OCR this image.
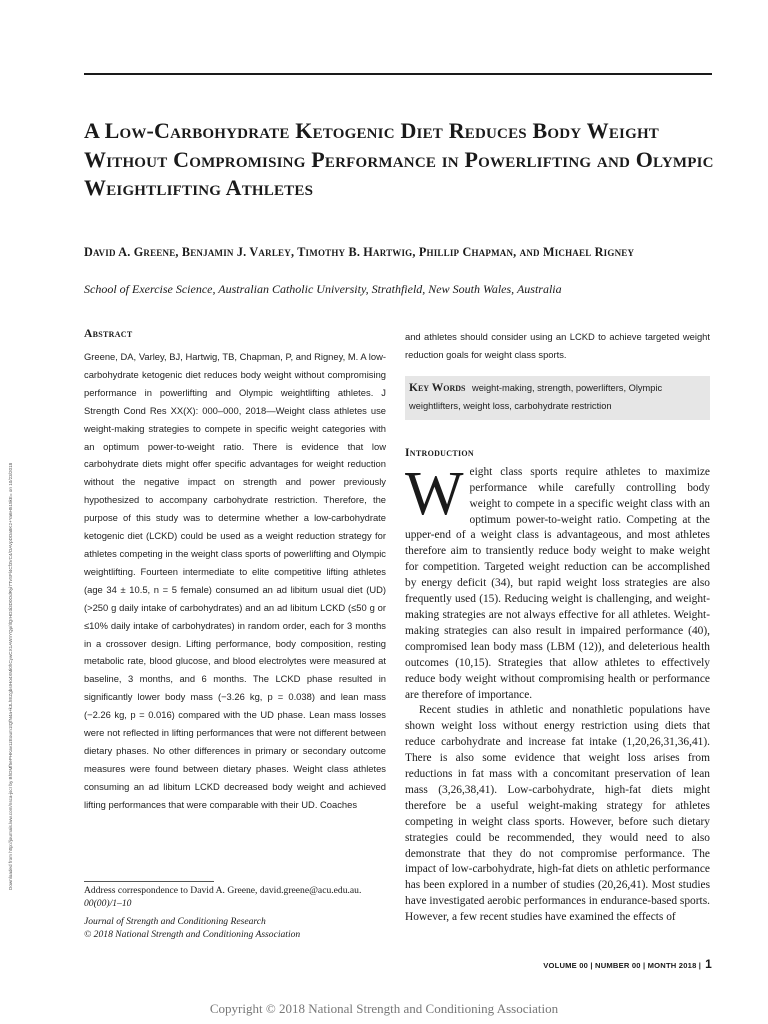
A Low-Carbohydrate Ketogenic Diet Reduces Body Weight Without Compromising Performance in Powerlifting and Olympic Weightlifting Athletes
David A. Greene, Benjamin J. Varley, Timothy B. Hartwig, Phillip Chapman, and Michael Rigney
School of Exercise Science, Australian Catholic University, Strathfield, New South Wales, Australia
Downloaded from http://journals.lww.com/nsca-jscr by BhDMf5ePHKav1zEoum1tQfN4a+kJLhEZgbsIHo4XMi0hCywCX1AWnYQp/IlQrHD3i3D0OdRyi7TvSFl4Cf3VC4/OAVpDDa8K2+Ya6H515kE= on 10/23/2018
Abstract

Greene, DA, Varley, BJ, Hartwig, TB, Chapman, P, and Rigney, M. A low-carbohydrate ketogenic diet reduces body weight without compromising performance in powerlifting and Olympic weightlifting athletes. J Strength Cond Res XX(X): 000–000, 2018—Weight class athletes use weight-making strategies to compete in specific weight categories with an optimum power-to-weight ratio. There is evidence that low carbohydrate diets might offer specific advantages for weight reduction without the negative impact on strength and power previously hypothesized to accompany carbohydrate restriction. Therefore, the purpose of this study was to determine whether a low-carbohydrate ketogenic diet (LCKD) could be used as a weight reduction strategy for athletes competing in the weight class sports of powerlifting and Olympic weightlifting. Fourteen intermediate to elite competitive lifting athletes (age 34 ± 10.5, n = 5 female) consumed an ad libitum usual diet (UD) (>250 g daily intake of carbohydrates) and an ad libitum LCKD (≤50 g or ≤10% daily intake of carbohydrates) in random order, each for 3 months in a crossover design. Lifting performance, body composition, resting metabolic rate, blood glucose, and blood electrolytes were measured at baseline, 3 months, and 6 months. The LCKD phase resulted in significantly lower body mass (−3.26 kg, p = 0.038) and lean mass (−2.26 kg, p = 0.016) compared with the UD phase. Lean mass losses were not reflected in lifting performances that were not different between dietary phases. No other differences in primary or secondary outcome measures were found between dietary phases. Weight class athletes consuming an ad libitum LCKD decreased body weight and achieved lifting performances that were comparable with their UD. Coaches

Address correspondence to David A. Greene, david.greene@acu.edu.au.
00(00)/1–10
Journal of Strength and Conditioning Research
© 2018 National Strength and Conditioning Association

and athletes should consider using an LCKD to achieve targeted weight reduction goals for weight class sports.

Key Words weight-making, strength, powerlifters, Olympic weightlifters, weight loss, carbohydrate restriction
Introduction

Weight class sports require athletes to maximize performance while carefully controlling body weight to compete in a specific weight class with an optimum power-to-weight ratio. Competing at the upper-end of a weight class is advantageous, and most athletes therefore aim to transiently reduce body weight to make weight for competition. Targeted weight reduction can be accomplished by energy deficit (34), but rapid weight loss strategies are also frequently used (15). Reducing weight is challenging, and weight-making strategies are not always effective for all athletes. Weight-making strategies can also result in impaired performance (40), compromised lean body mass (LBM (12)), and deleterious health outcomes (10,15). Strategies that allow athletes to effectively reduce body weight without compromising health or performance are therefore of importance.

Recent studies in athletic and nonathletic populations have shown weight loss without energy restriction using diets that reduce carbohydrate and increase fat intake (1,20,26,31,36,41). There is also some evidence that weight loss arises from reductions in fat mass with a concomitant preservation of lean mass (3,26,38,41). Low-carbohydrate, high-fat diets might therefore be a useful weight-making strategy for athletes competing in weight class sports. However, before such dietary strategies could be recommended, they would need to also demonstrate that they do not compromise performance. The impact of low-carbohydrate, high-fat diets on athletic performance has been explored in a number of studies (20,26,41). Most studies have investigated aerobic performances in endurance-based sports. However, a few recent studies have examined the effects of

VOLUME 00 | NUMBER 00 | MONTH 2018 | 1
Copyright © 2018 National Strength and Conditioning Association
